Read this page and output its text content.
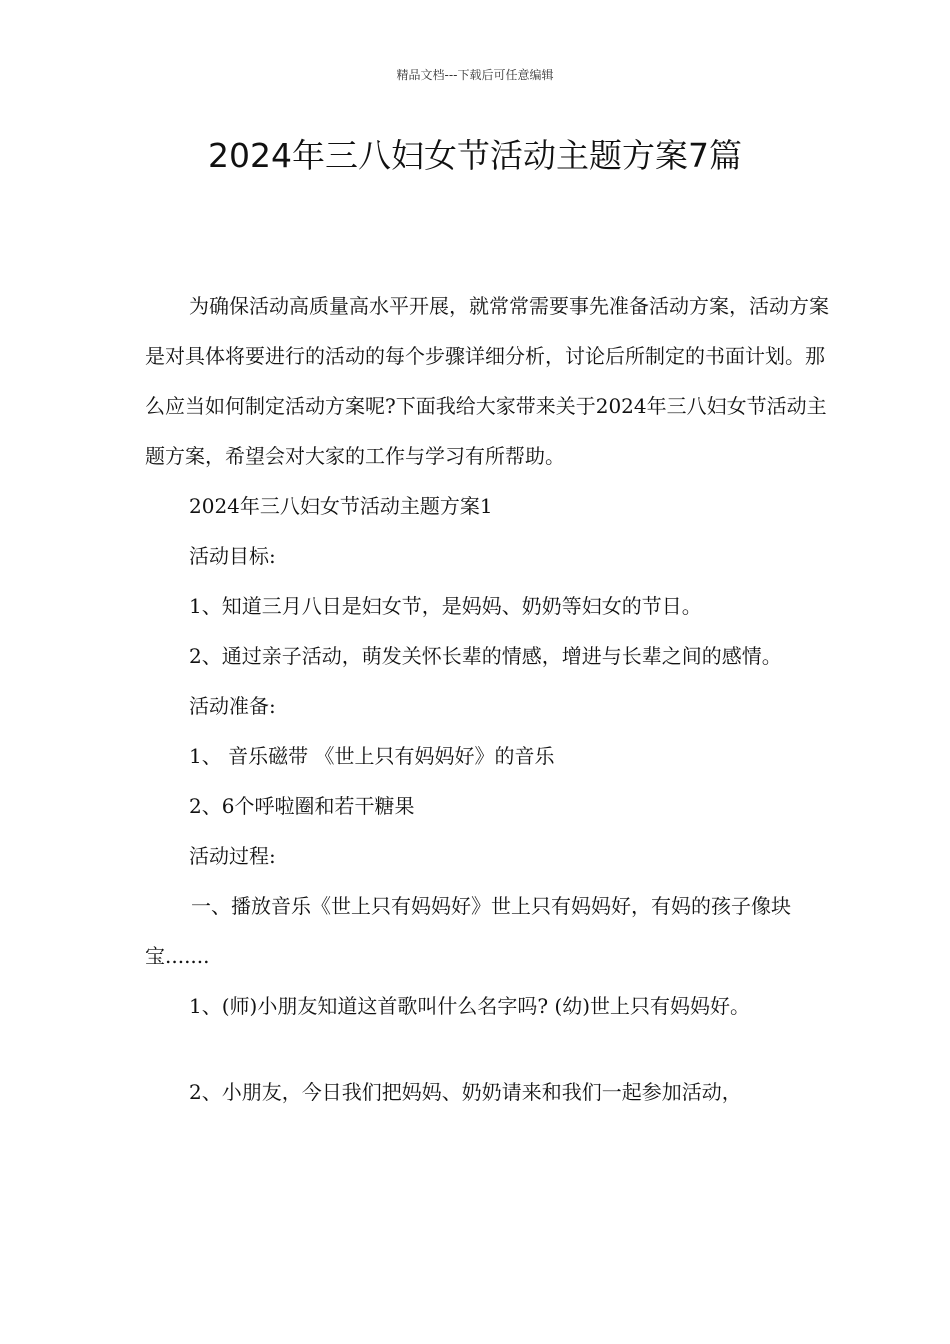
精品文档---下载后可任意编辑
2024年三八妇女节活动主题方案7篇

为确保活动高质量高水平开展，就常常需要事先准备活动方案，活动方案是对具体将要进行的活动的每个步骤详细分析，讨论后所制定的书面计划。那么应当如何制定活动方案呢?下面我给大家带来关于2024年三八妇女节活动主题方案，希望会对大家的工作与学习有所帮助。

2024年三八妇女节活动主题方案1

活动目标:

1、知道三月八日是妇女节，是妈妈、奶奶等妇女的节日。

2、通过亲子活动，萌发关怀长辈的情感，增进与长辈之间的感情。

活动准备:

1、 音乐磁带 《世上只有妈妈好》的音乐

2、6个呼啦圈和若干糖果

活动过程:

一、播放音乐《世上只有妈妈好》世上只有妈妈好，有妈的孩子像块宝.......

1、(师)小朋友知道这首歌叫什么名字吗? (幼)世上只有妈妈好。

2、小朋友，今日我们把妈妈、奶奶请来和我们一起参加活动，
